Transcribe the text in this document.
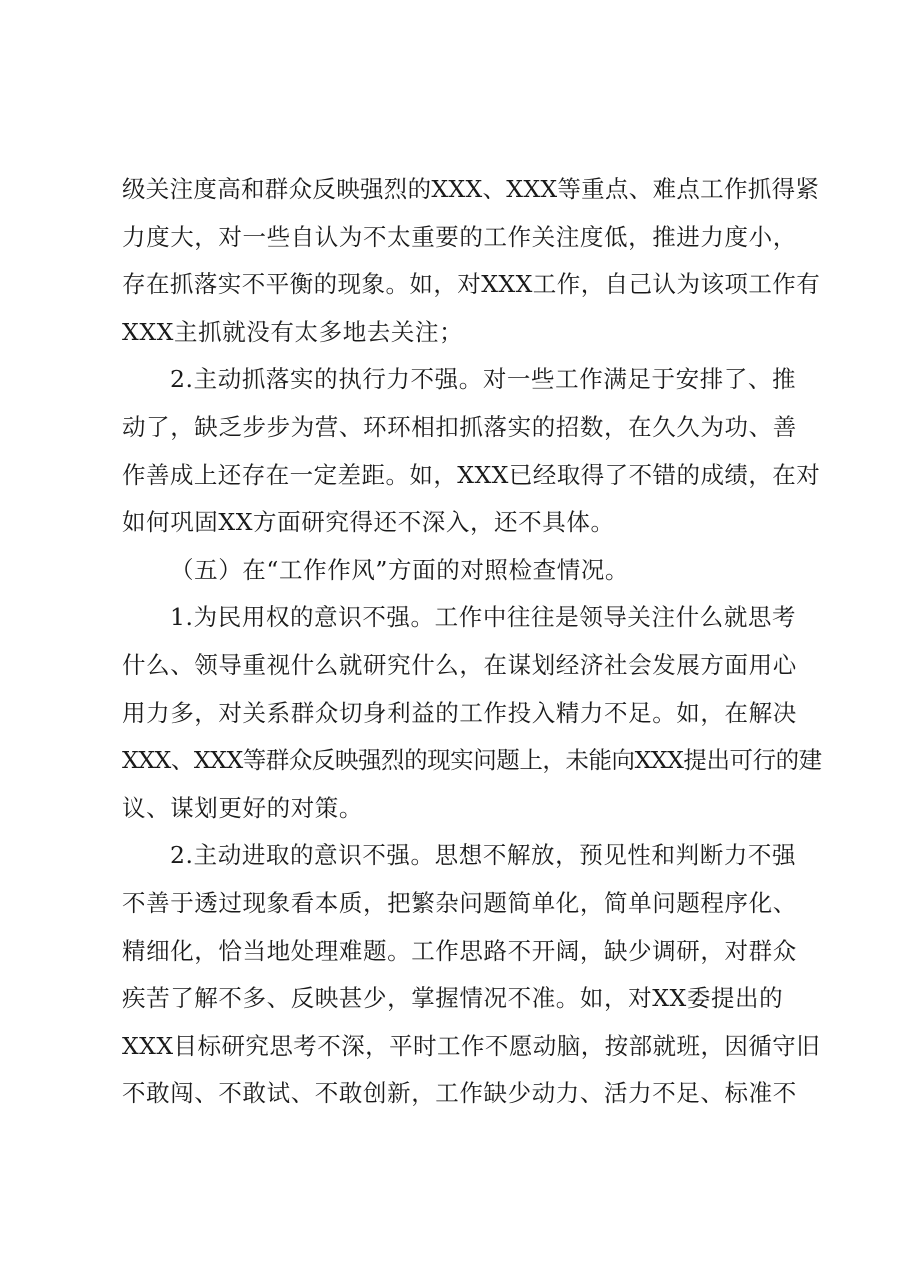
级关注度高和群众反映强烈的XXX、XXX等重点、难点工作抓得紧
力度大，对一些自认为不太重要的工作关注度低，推进力度小，
存在抓落实不平衡的现象。如，对XXX工作，自己认为该项工作有
XXX主抓就没有太多地去关注；
2.主动抓落实的执行力不强。对一些工作满足于安排了、推
动了，缺乏步步为营、环环相扣抓落实的招数，在久久为功、善
作善成上还存在一定差距。如，XXX已经取得了不错的成绩，在对
如何巩固XX方面研究得还不深入，还不具体。
（五）在“工作作风”方面的对照检查情况。
1.为民用权的意识不强。工作中往往是领导关注什么就思考
什么、领导重视什么就研究什么，在谋划经济社会发展方面用心
用力多，对关系群众切身利益的工作投入精力不足。如，在解决
XXX、XXX等群众反映强烈的现实问题上，未能向XXX提出可行的建
议、谋划更好的对策。
2.主动进取的意识不强。思想不解放，预见性和判断力不强
不善于透过现象看本质，把繁杂问题简单化，简单问题程序化、
精细化，恰当地处理难题。工作思路不开阔，缺少调研，对群众
疾苦了解不多、反映甚少，掌握情况不准。如，对XX委提出的
XXX目标研究思考不深，平时工作不愿动脑，按部就班，因循守旧
不敢闯、不敢试、不敢创新，工作缺少动力、活力不足、标准不
